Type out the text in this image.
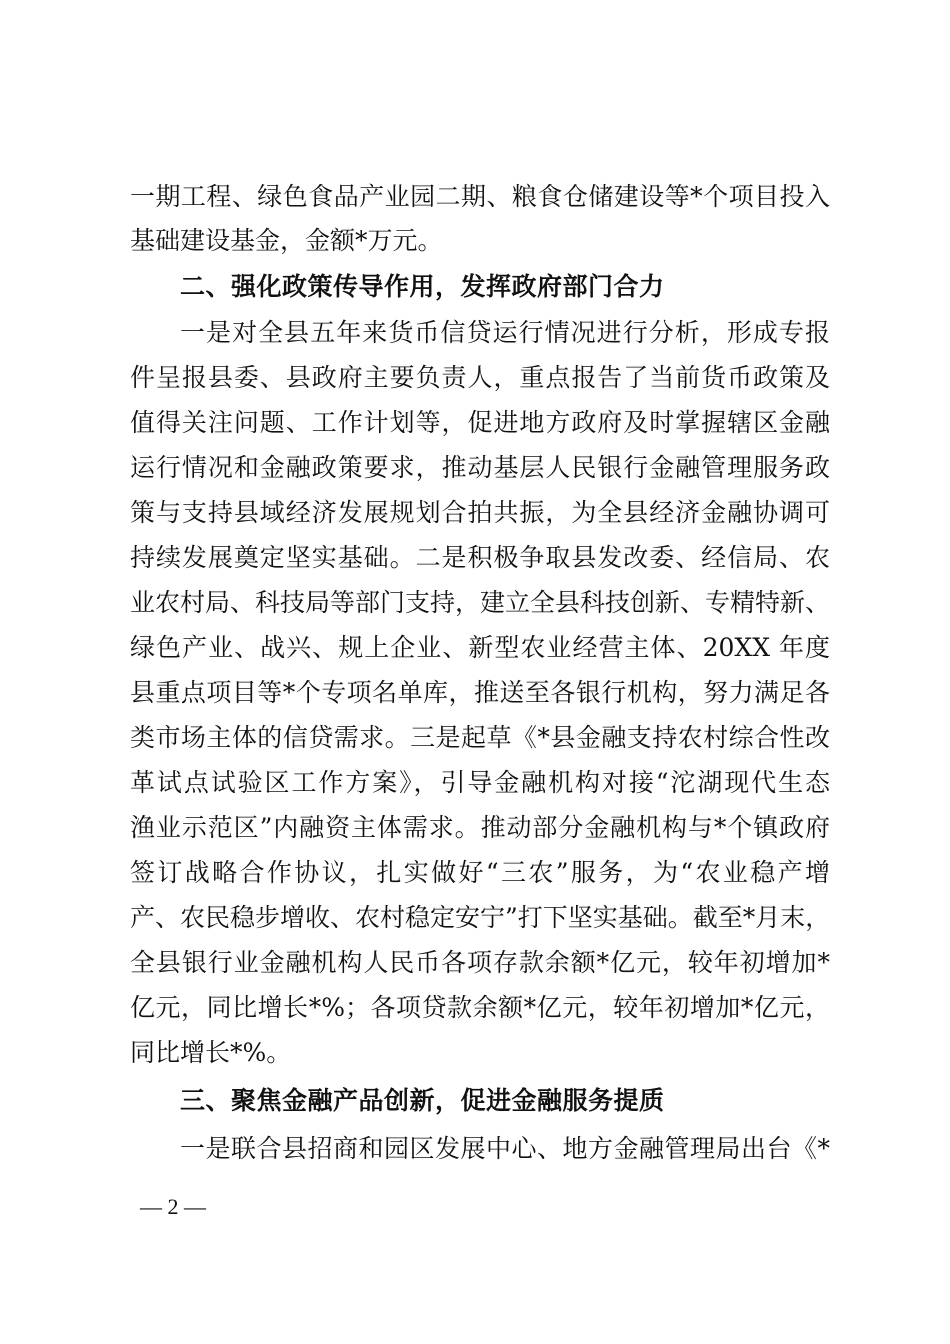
一期工程、绿色食品产业园二期、粮食仓储建设等*个项目投入
基础建设基金，金额*万元。
二、强化政策传导作用，发挥政府部门合力
一是对全县五年来货币信贷运行情况进行分析，形成专报
件呈报县委、县政府主要负责人，重点报告了当前货币政策及
值得关注问题、工作计划等，促进地方政府及时掌握辖区金融
运行情况和金融政策要求，推动基层人民银行金融管理服务政
策与支持县域经济发展规划合拍共振，为全县经济金融协调可
持续发展奠定坚实基础。二是积极争取县发改委、经信局、农
业农村局、科技局等部门支持，建立全县科技创新、专精特新、
绿色产业、战兴、规上企业、新型农业经营主体、20XX 年度
县重点项目等*个专项名单库，推送至各银行机构，努力满足各
类市场主体的信贷需求。三是起草《*县金融支持农村综合性改
革试点试验区工作方案》，引导金融机构对接“沱湖现代生态
渔业示范区”内融资主体需求。推动部分金融机构与*个镇政府
签订战略合作协议，扎实做好“三农”服务，为“农业稳产增
产、农民稳步增收、农村稳定安宁”打下坚实基础。截至*月末，
全县银行业金融机构人民币各项存款余额*亿元，较年初增加*
亿元，同比增长*%；各项贷款余额*亿元，较年初增加*亿元，
同比增长*%。
三、聚焦金融产品创新，促进金融服务提质
一是联合县招商和园区发展中心、地方金融管理局出台《*
— 2 —
